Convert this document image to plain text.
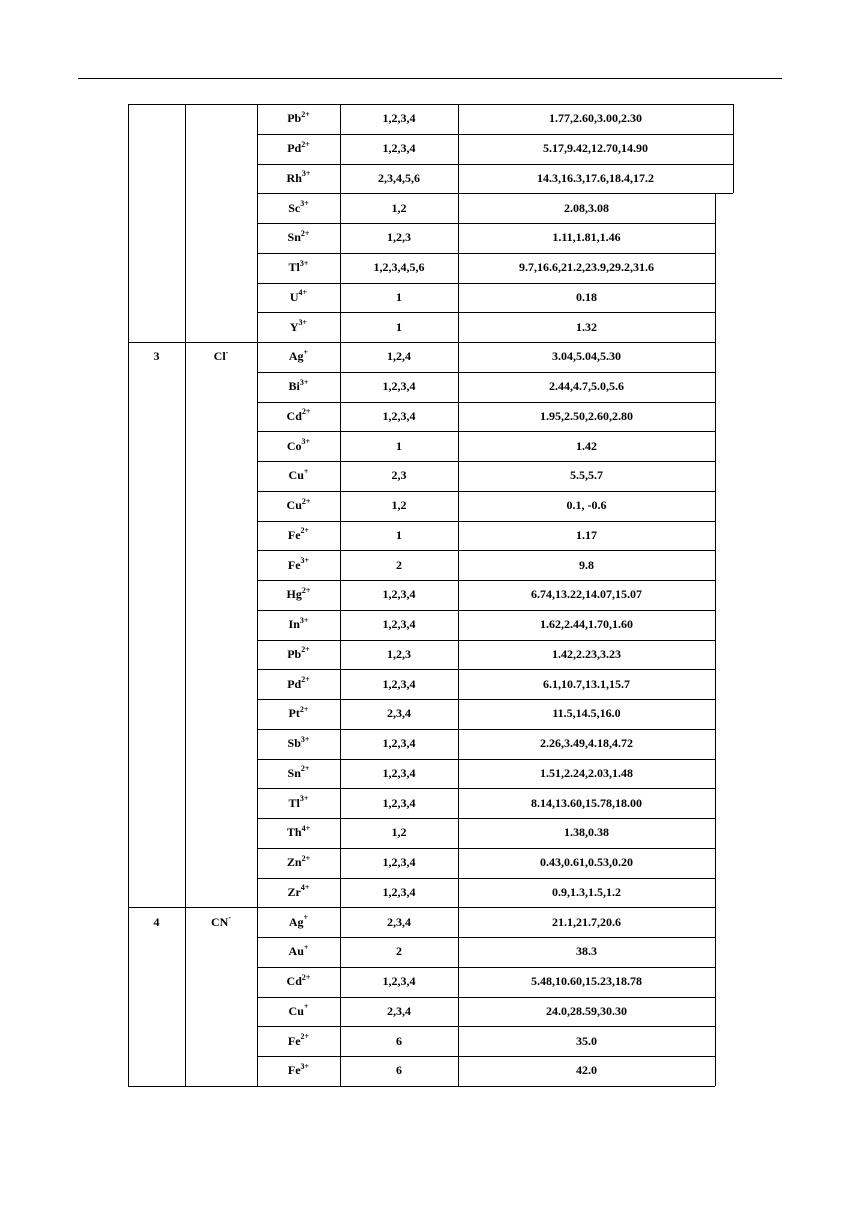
$Pb^{2+}$	1,2,3,4	1.77,2.60,3.00,2.30
$Pd^{2+}$	1,2,3,4	5.17,9.42,12.70,14.90
$Rh^{3+}$	2,3,4,5,6	14.3,16.3,17.6,18.4,17.2
$Sc^{3+}$	1,2	2.08,3.08
$Sn^{2+}$	1,2,3	1.11,1.81,1.46
$Tl^{3+}$	1,2,3,4,5,6	9.7,16.6,21.2,23.9,29.2,31.6
$U^{4+}$	1	0.18
$Y^{3+}$	1	1.32
3	Cl-	Ag+	1,2,4	3.04,5.04,5.30
$Bi^{3+}$	1,2,3,4	2.44,4.7,5.0,5.6
$Cd^{2+}$	1,2,3,4	1.95,2.50,2.60,2.80
$Co^{3+}$	1	1.42
Cu+	2,3	5.5,5.7
$Cu^{2+}$	1,2	0.1, -0.6
$Fe^{2+}$	1	1.17
$Fe^{3+}$	2	9.8
$Hg^{2+}$	1,2,3,4	6.74,13.22,14.07,15.07
$In^{3+}$	1,2,3,4	1.62,2.44,1.70,1.60
$Pb^{2+}$	1,2,3	1.42,2.23,3.23
$Pd^{2+}$	1,2,3,4	6.1,10.7,13.1,15.7
$Pt^{2+}$	2,3,4	11.5,14.5,16.0
$Sb^{3+}$	1,2,3,4	2.26,3.49,4.18,4.72
$Sn^{2+}$	1,2,3,4	1.51,2.24,2.03,1.48
$Tl^{3+}$	1,2,3,4	8.14,13.60,15.78,18.00
$Th^{4+}$	1,2	1.38,0.38
$Zn^{2+}$	1,2,3,4	0.43,0.61,0.53,0.20
$Zr^{4+}$	1,2,3,4	0.9,1.3,1.5,1.2
4	CN-	Ag+	2,3,4	21.1,21.7,20.6
Au+	2	38.3
$Cd^{2+}$	1,2,3,4	5.48,10.60,15.23,18.78
Cu+	2,3,4	24.0,28.59,30.30
$Fe^{2+}$	6	35.0
$Fe^{3+}$	6	42.0
